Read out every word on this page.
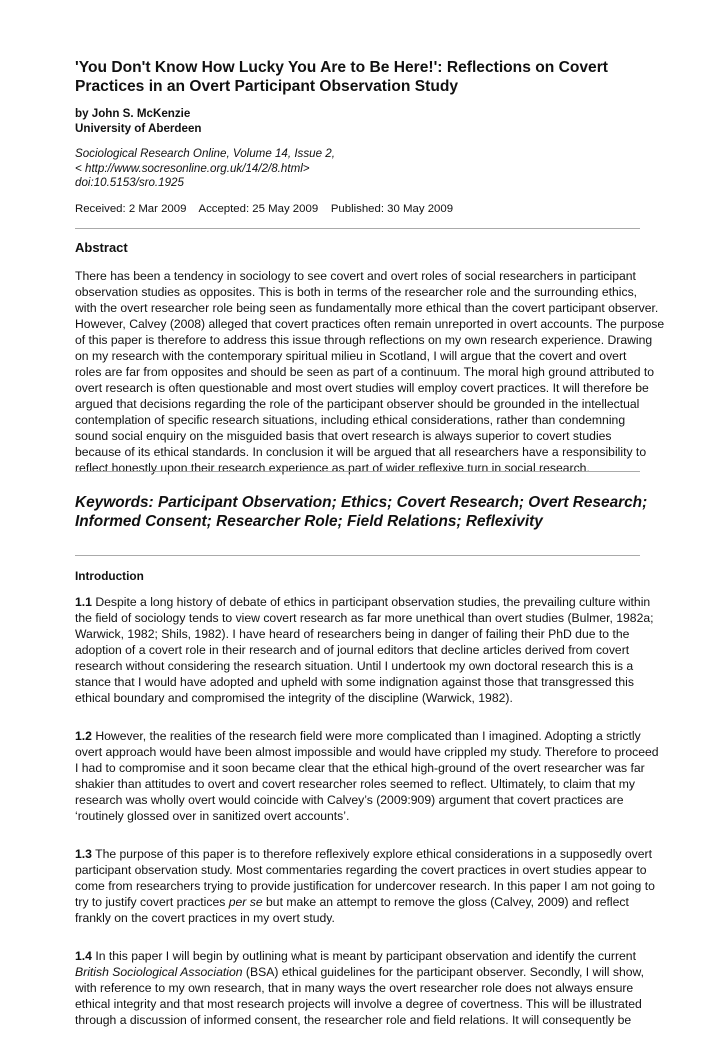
'You Don't Know How Lucky You Are to Be Here!': Reflections on Covert
Practices in an Overt Participant Observation Study
by John S. McKenzie
University of Aberdeen
Sociological Research Online, Volume 14, Issue 2,
< http://www.socresonline.org.uk/14/2/8.html>
doi:10.5153/sro.1925
Received: 2 Mar 2009 Accepted: 25 May 2009 Published: 30 May 2009
Abstract
There has been a tendency in sociology to see covert and overt roles of social researchers in participant
observation studies as opposites. This is both in terms of the researcher role and the surrounding ethics,
with the overt researcher role being seen as fundamentally more ethical than the covert participant observer.
However, Calvey (2008) alleged that covert practices often remain unreported in overt accounts. The purpose
of this paper is therefore to address this issue through reflections on my own research experience. Drawing
on my research with the contemporary spiritual milieu in Scotland, I will argue that the covert and overt
roles are far from opposites and should be seen as part of a continuum. The moral high ground attributed to
overt research is often questionable and most overt studies will employ covert practices. It will therefore be
argued that decisions regarding the role of the participant observer should be grounded in the intellectual
contemplation of specific research situations, including ethical considerations, rather than condemning
sound social enquiry on the misguided basis that overt research is always superior to covert studies
because of its ethical standards. In conclusion it will be argued that all researchers have a responsibility to
reflect honestly upon their research experience as part of wider reflexive turn in social research.
Keywords: Participant Observation; Ethics; Covert Research; Overt Research;
Informed Consent; Researcher Role; Field Relations; Reflexivity
Introduction
1.1 Despite a long history of debate of ethics in participant observation studies, the prevailing culture within
the field of sociology tends to view covert research as far more unethical than overt studies (Bulmer, 1982a;
Warwick, 1982; Shils, 1982). I have heard of researchers being in danger of failing their PhD due to the
adoption of a covert role in their research and of journal editors that decline articles derived from covert
research without considering the research situation. Until I undertook my own doctoral research this is a
stance that I would have adopted and upheld with some indignation against those that transgressed this
ethical boundary and compromised the integrity of the discipline (Warwick, 1982).
1.2 However, the realities of the research field were more complicated than I imagined. Adopting a strictly
overt approach would have been almost impossible and would have crippled my study. Therefore to proceed
I had to compromise and it soon became clear that the ethical high-ground of the overt researcher was far
shakier than attitudes to overt and covert researcher roles seemed to reflect. Ultimately, to claim that my
research was wholly overt would coincide with Calvey’s (2009:909) argument that covert practices are
‘routinely glossed over in sanitized overt accounts’.
1.3 The purpose of this paper is to therefore reflexively explore ethical considerations in a supposedly overt
participant observation study. Most commentaries regarding the covert practices in overt studies appear to
come from researchers trying to provide justification for undercover research. In this paper I am not going to
try to justify covert practices per se but make an attempt to remove the gloss (Calvey, 2009) and reflect
frankly on the covert practices in my overt study.
1.4 In this paper I will begin by outlining what is meant by participant observation and identify the current
British Sociological Association (BSA) ethical guidelines for the participant observer. Secondly, I will show,
with reference to my own research, that in many ways the overt researcher role does not always ensure
ethical integrity and that most research projects will involve a degree of covertness. This will be illustrated
through a discussion of informed consent, the researcher role and field relations. It will consequently be
